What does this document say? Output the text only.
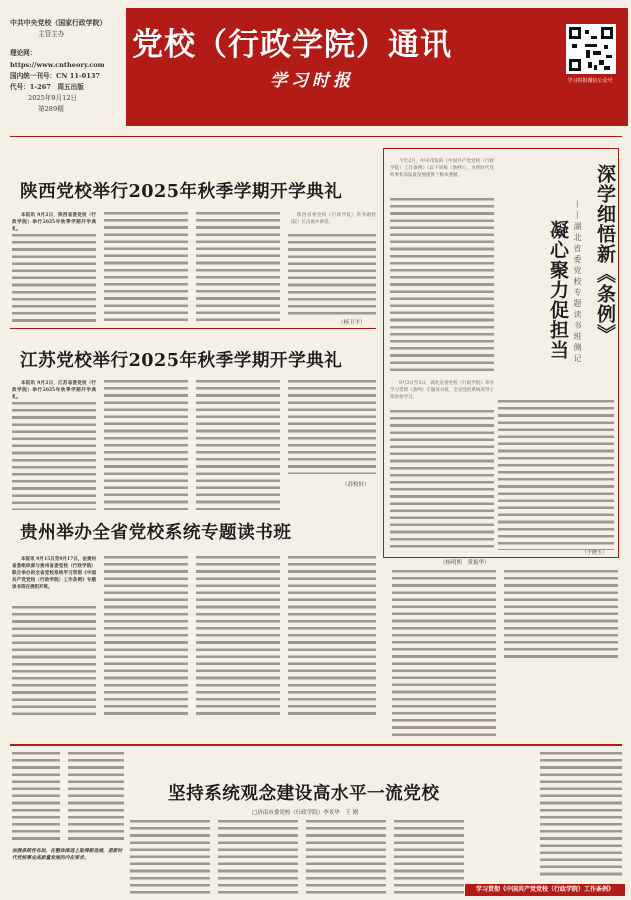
中共中央党校（国家行政学院）
主管主办
理论网：https://www.cntheory.com
国内统一刊号：CN 11-0137
代号：1-267　周五出版
2025年9月12日
第289期
党校（行政学院）通讯
学习时报	学习时报微信公众号
陕西党校举行2025年秋季学期开学典礼

本报讯 9月2日，陕西省委党校（行政学院）举行2025年秋季学期开学典礼。

陕西省委党校（行政学院）常务副校（院）长出席并讲话。

（杨卫平）
江苏党校举行2025年秋季学期开学典礼

本报讯 9月2日，江苏省委党校（行政学院）举行2025年秋季学期开学典礼。

（苏校轩）
贵州举办全省党校系统专题读书班

本报讯 9月15日至9月17日，由贵州省委组织部与贵州省委党校（行政学院）联合举办的全省党校系统学习贯彻《中国共产党党校（行政学院）工作条例》专题读书班在贵阳开班。

今年2月，中央印发的《中国共产党党校（行政学院）工作条例》（以下简称《条例》），为新时代党校事业高质量发展提供了根本遵循。

9月3日至5日，湖北省委党校（行政学院）举办学习贯彻《条例》专题读书班，全省党校系统领导干部参加学习。

深学细悟新《条例》
——湖北省委党校专题读书班侧记
凝心聚力促担当
（于晓玉）
（杨明熙　黄振华）
加强系统性布局，在整体推进上取得新进展，是新时代党校事业高质量发展的内在要求。
坚持系统观念建设高水平一流党校
□济南市委党校（行政学院）李景华　王 刚
学习贯彻《中国共产党党校（行政学院）工作条例》
